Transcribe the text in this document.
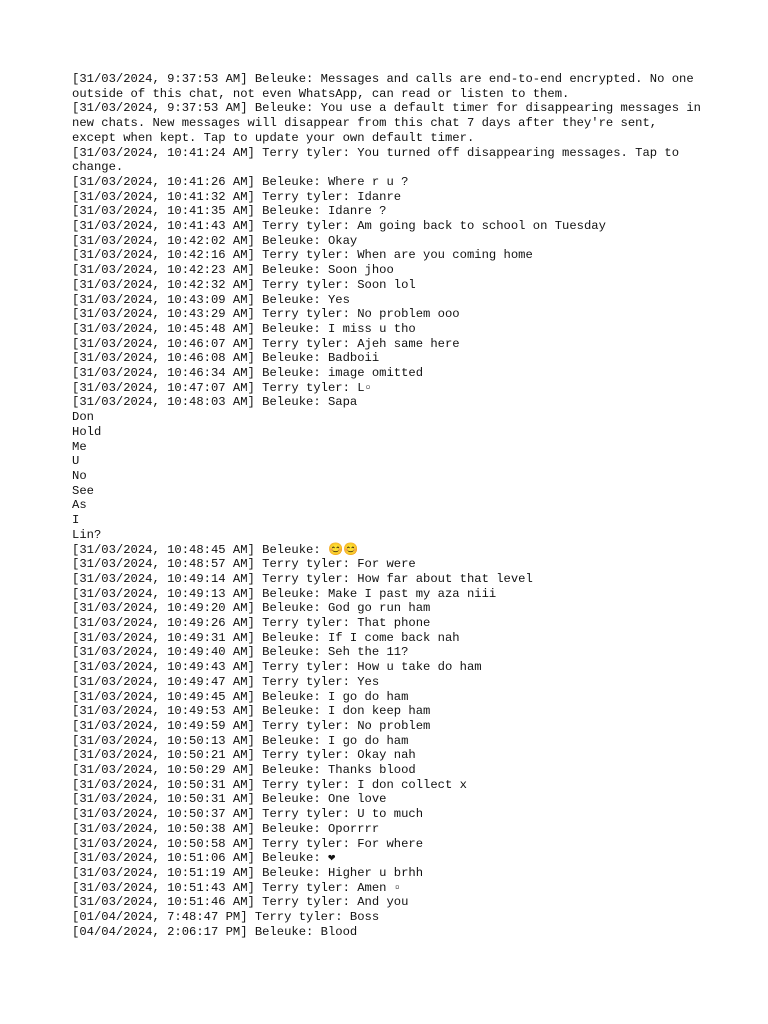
[31/03/2024, 9:37:53 AM] Beleuke: Messages and calls are end-to-end encrypted. No one outside of this chat, not even WhatsApp, can read or listen to them.
[31/03/2024, 9:37:53 AM] Beleuke: You use a default timer for disappearing messages in new chats. New messages will disappear from this chat 7 days after they're sent, except when kept. Tap to update your own default timer.
[31/03/2024, 10:41:24 AM] Terry tyler: You turned off disappearing messages. Tap to change.
[31/03/2024, 10:41:26 AM] Beleuke: Where r u ?
[31/03/2024, 10:41:32 AM] Terry tyler: Idanre
[31/03/2024, 10:41:35 AM] Beleuke: Idanre ?
[31/03/2024, 10:41:43 AM] Terry tyler: Am going back to school on Tuesday
[31/03/2024, 10:42:02 AM] Beleuke: Okay
[31/03/2024, 10:42:16 AM] Terry tyler: When are you coming home
[31/03/2024, 10:42:23 AM] Beleuke: Soon jhoo
[31/03/2024, 10:42:32 AM] Terry tyler: Soon lol
[31/03/2024, 10:43:09 AM] Beleuke: Yes
[31/03/2024, 10:43:29 AM] Terry tyler: No problem ooo
[31/03/2024, 10:45:48 AM] Beleuke: I miss u tho
[31/03/2024, 10:46:07 AM] Terry tyler: Ajeh same here
[31/03/2024, 10:46:08 AM] Beleuke: Badboii
[31/03/2024, 10:46:34 AM] Beleuke: image omitted
[31/03/2024, 10:47:07 AM] Terry tyler: L▫
[31/03/2024, 10:48:03 AM] Beleuke: Sapa
Don
Hold
Me
U
No
See
As
I
Lin?
[31/03/2024, 10:48:45 AM] Beleuke: 😊😊
[31/03/2024, 10:48:57 AM] Terry tyler: For were
[31/03/2024, 10:49:14 AM] Terry tyler: How far about that level
[31/03/2024, 10:49:13 AM] Beleuke: Make I past my aza niii
[31/03/2024, 10:49:20 AM] Beleuke: God go run ham
[31/03/2024, 10:49:26 AM] Terry tyler: That phone
[31/03/2024, 10:49:31 AM] Beleuke: If I come back nah
[31/03/2024, 10:49:40 AM] Beleuke: Seh the 11?
[31/03/2024, 10:49:43 AM] Terry tyler: How u take do ham
[31/03/2024, 10:49:47 AM] Terry tyler: Yes
[31/03/2024, 10:49:45 AM] Beleuke: I go do ham
[31/03/2024, 10:49:53 AM] Beleuke: I don keep ham
[31/03/2024, 10:49:59 AM] Terry tyler: No problem
[31/03/2024, 10:50:13 AM] Beleuke: I go do ham
[31/03/2024, 10:50:21 AM] Terry tyler: Okay nah
[31/03/2024, 10:50:29 AM] Beleuke: Thanks blood
[31/03/2024, 10:50:31 AM] Terry tyler: I don collect x
[31/03/2024, 10:50:31 AM] Beleuke: One love
[31/03/2024, 10:50:37 AM] Terry tyler: U to much
[31/03/2024, 10:50:38 AM] Beleuke: Oporrrr
[31/03/2024, 10:50:58 AM] Terry tyler: For where
[31/03/2024, 10:51:06 AM] Beleuke: ❤
[31/03/2024, 10:51:19 AM] Beleuke: Higher u brhh
[31/03/2024, 10:51:43 AM] Terry tyler: Amen ▫
[31/03/2024, 10:51:46 AM] Terry tyler: And you
[01/04/2024, 7:48:47 PM] Terry tyler: Boss
[04/04/2024, 2:06:17 PM] Beleuke: Blood
